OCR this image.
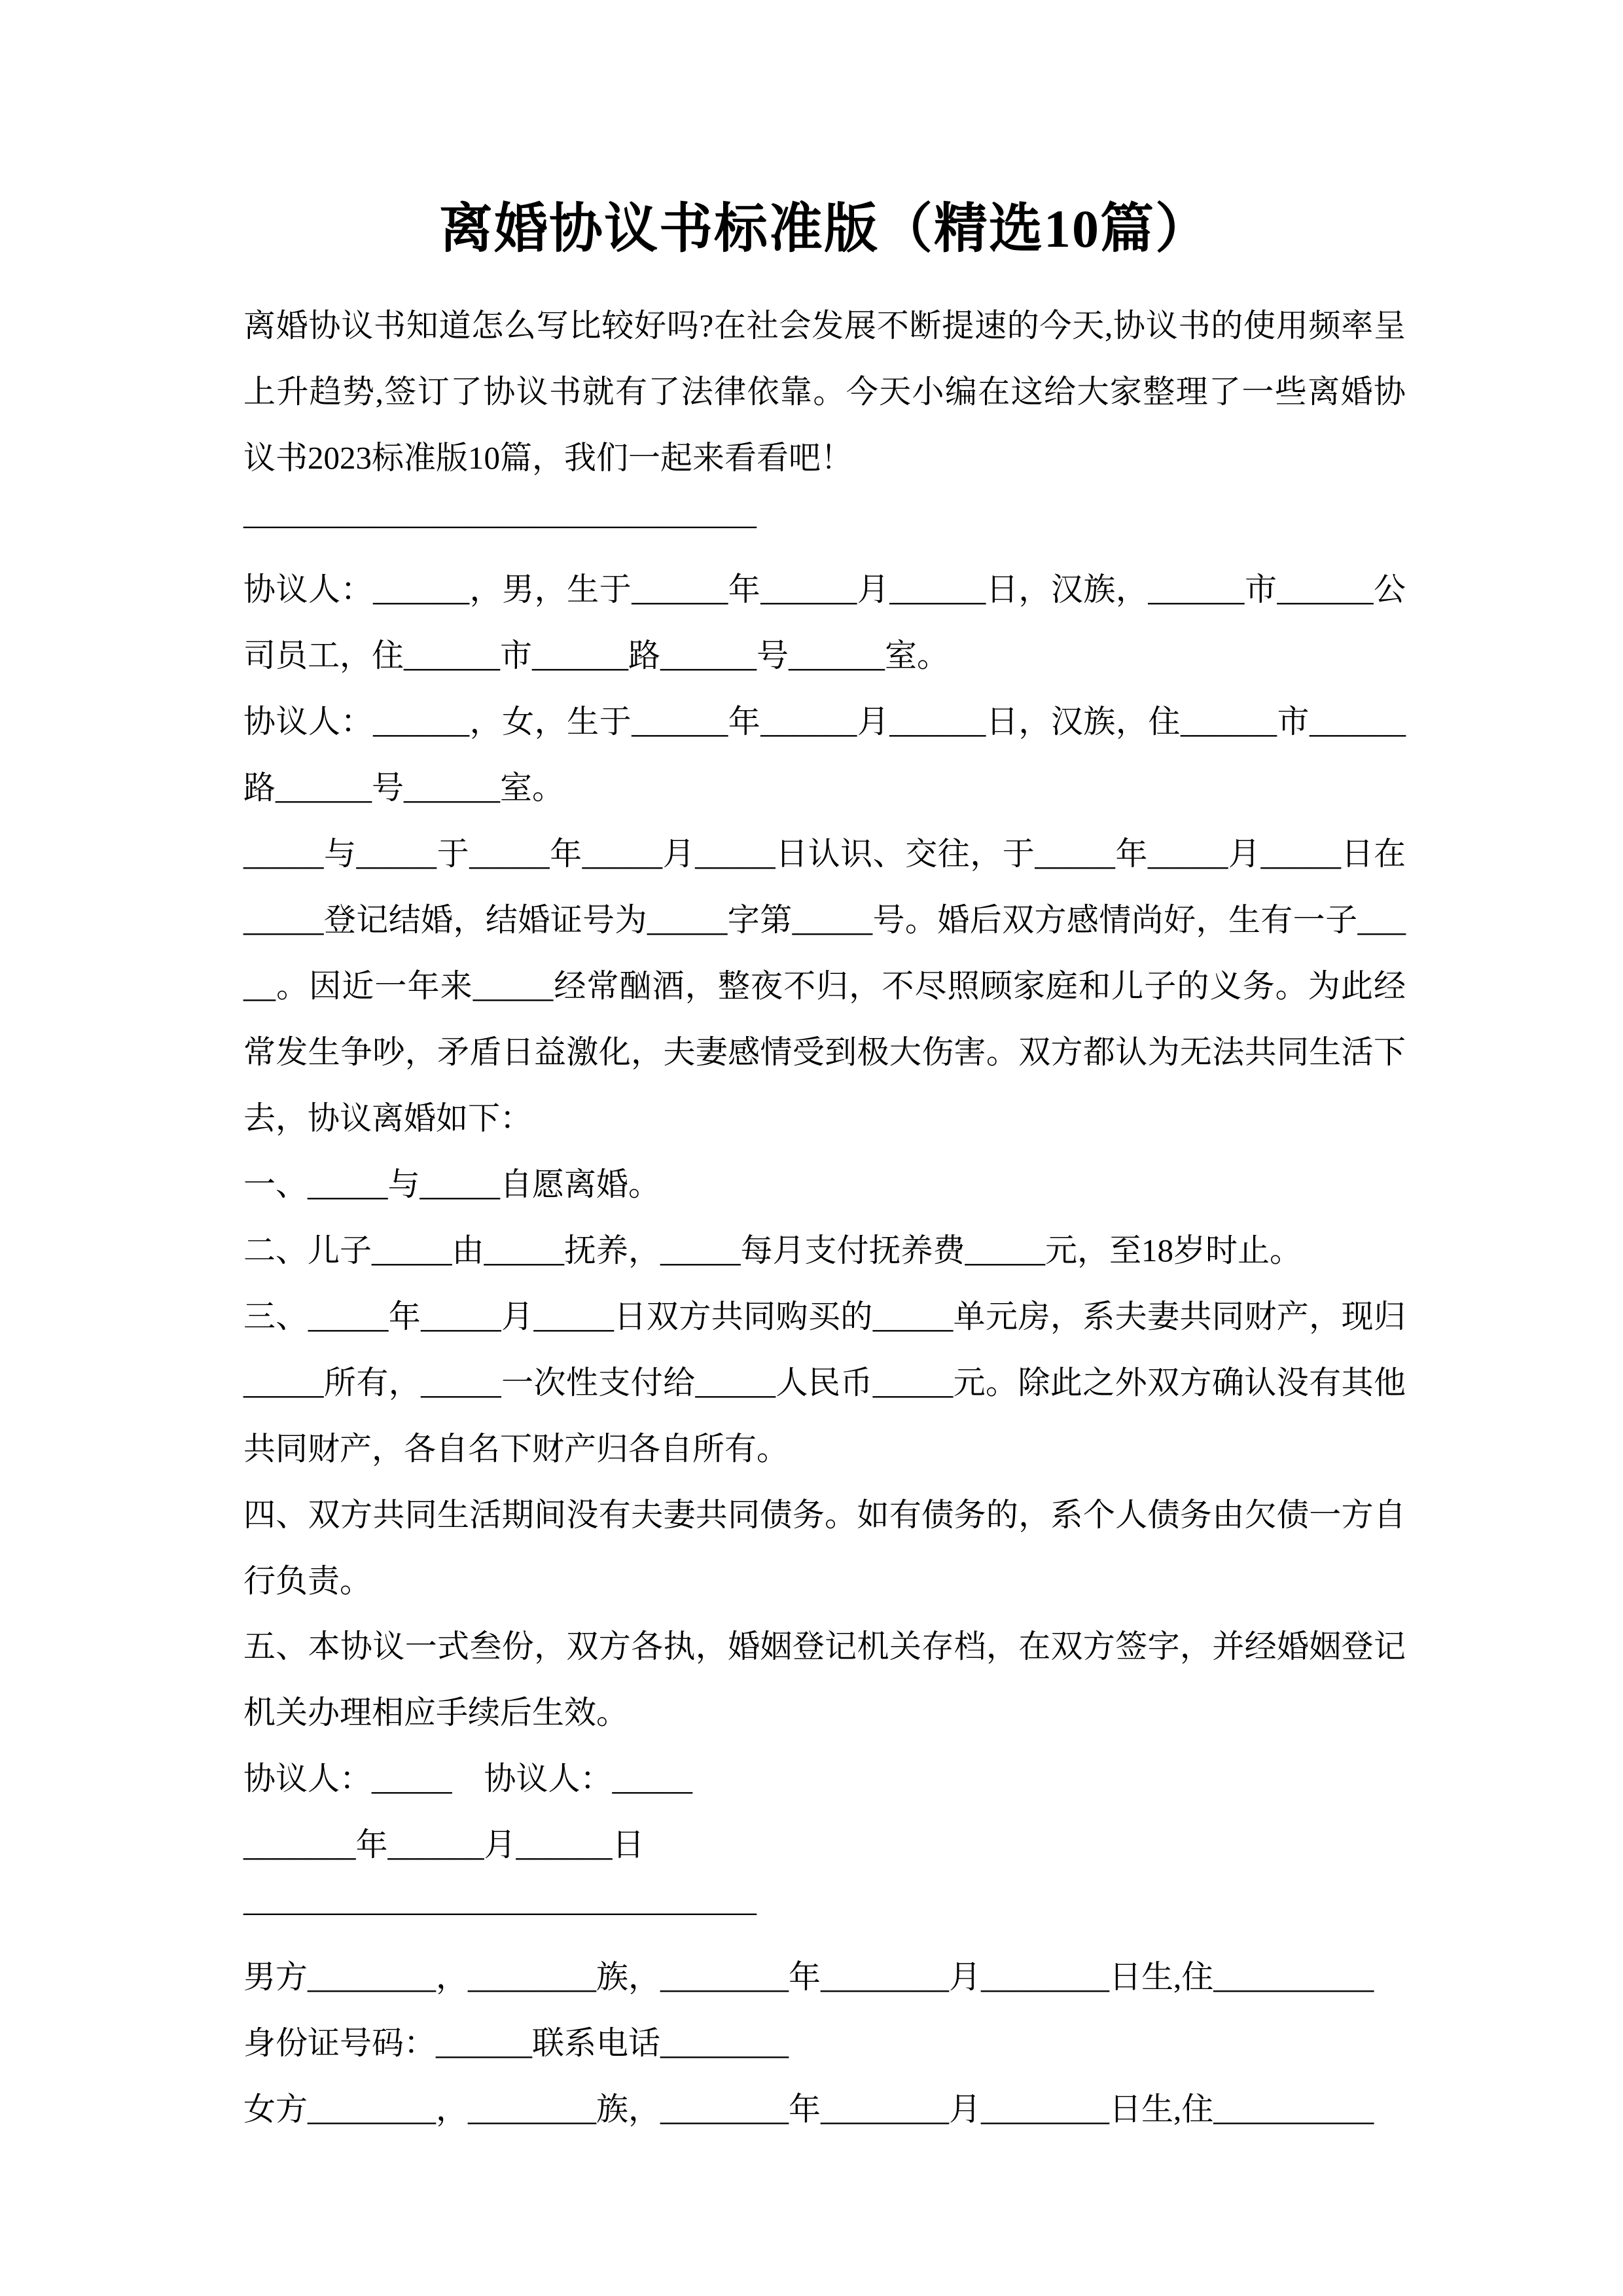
离婚协议书标准版（精选10篇）

离婚协议书知道怎么写比较好吗?在社会发展不断提速的今天,协议书的使用频率呈上升趋势,签订了协议书就有了法律依靠。今天小编在这给大家整理了一些离婚协议书2023标准版10篇，我们一起来看看吧！

————————————————

协议人：______，男，生于______年______月______日，汉族，______市______公司员工，住______市______路______号______室。

协议人：______，女，生于______年______月______日，汉族，住______市______路______号______室。

_____与_____于_____年_____月_____日认识、交往，于_____年_____月_____日在_____登记结婚，结婚证号为_____字第_____号。婚后双方感情尚好，生有一子_____。因近一年来_____经常酗酒，整夜不归，不尽照顾家庭和儿子的义务。为此经常发生争吵，矛盾日益激化，夫妻感情受到极大伤害。双方都认为无法共同生活下去，协议离婚如下：

一、_____与_____自愿离婚。

二、儿子_____由_____抚养，_____每月支付抚养费_____元，至18岁时止。

三、_____年_____月_____日双方共同购买的_____单元房，系夫妻共同财产，现归_____所有，_____一次性支付给_____人民币_____元。除此之外双方确认没有其他共同财产，各自名下财产归各自所有。

四、双方共同生活期间没有夫妻共同债务。如有债务的，系个人债务由欠债一方自行负责。

五、本协议一式叁份，双方各执，婚姻登记机关存档，在双方签字，并经婚姻登记机关办理相应手续后生效。

协议人：_____　协议人：_____

_______年______月______日

————————————————

男方________，________族，________年________月________日生,住__________

身份证号码：______联系电话________

女方________，________族，________年________月________日生,住__________
